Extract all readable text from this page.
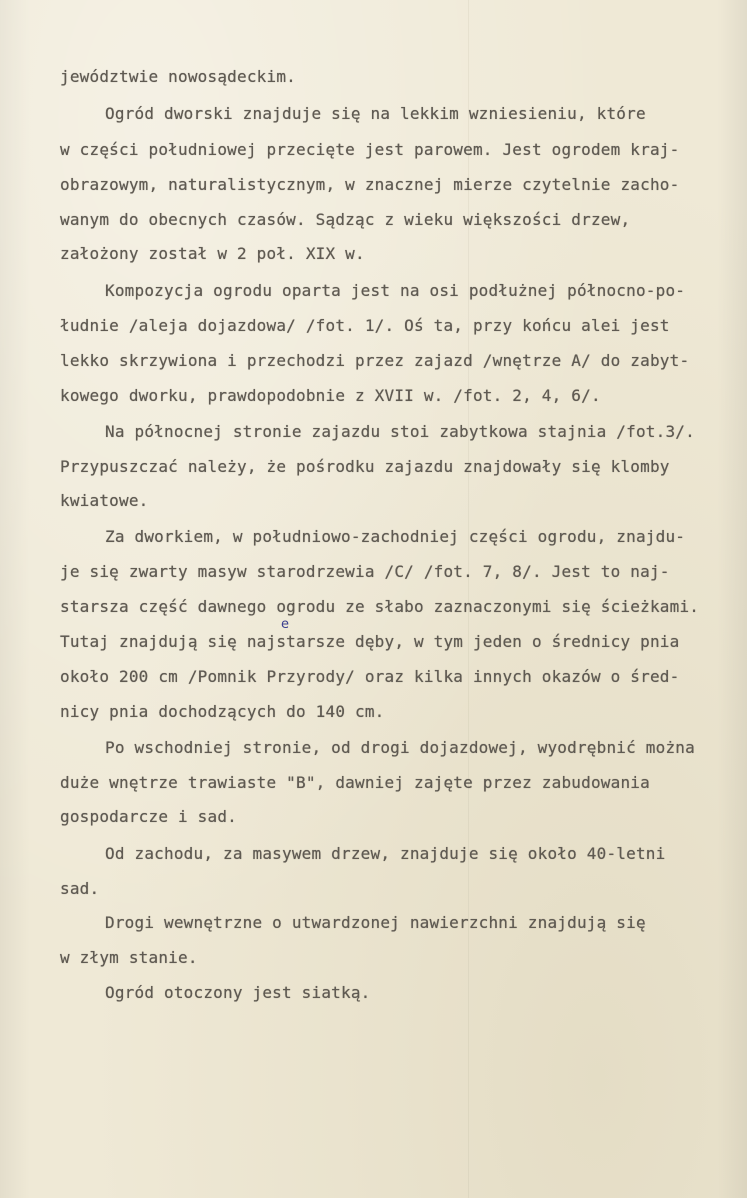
jewództwie nowosądeckim.
Ogród dworski znajduje się na lekkim wzniesieniu, które
w części południowej przecięte jest parowem. Jest ogrodem kraj-
obrazowym, naturalistycznym, w znacznej mierze czytelnie zacho-
wanym do obecnych czasów. Sądząc z wieku większości drzew,
założony został w 2 poł. XIX w.
Kompozycja ogrodu oparta jest na osi podłużnej północno-po-
łudnie /aleja dojazdowa/ /fot. 1/. Oś ta, przy końcu alei jest
lekko skrzywiona i przechodzi przez zajazd /wnętrze A/ do zabyt-
kowego dworku, prawdopodobnie z XVII w. /fot. 2, 4, 6/.
Na północnej stronie zajazdu stoi zabytkowa stajnia /fot.3/.
Przypuszczać należy, że pośrodku zajazdu znajdowały się klomby
kwiatowe.
Za dworkiem, w południowo-zachodniej części ogrodu, znajdu-
je się zwarty masyw starodrzewia /C/ /fot. 7, 8/. Jest to naj-
starsza część dawnego ogrodu ze słabo zaznaczonymi się ścieżkami.
Tutaj znajdują się najstarsze dęby, w tym jeden o średnicy pnia
około 200 cm /Pomnik Przyrody/ oraz kilka innych okazów o śred-
nicy pnia dochodzących do 140 cm.
Po wschodniej stronie, od drogi dojazdowej, wyodrębnić można
duże wnętrze trawiaste "B", dawniej zajęte przez zabudowania
gospodarcze i sad.
Od zachodu, za masywem drzew, znajduje się około 40-letni
sad.
Drogi wewnętrzne o utwardzonej nawierzchni znajdują się
w złym stanie.
Ogród otoczony jest siatką.
e
